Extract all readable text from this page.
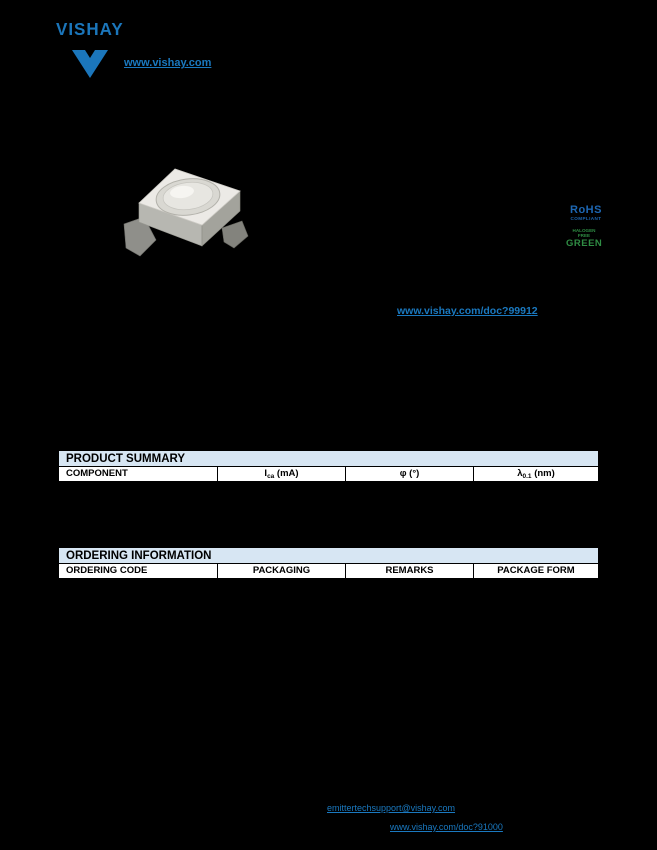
VISHAY
www.vishay.com
RoHS
COMPLIANT
HALOGEN FREE
GREEN
www.vishay.com/doc?99912
PRODUCT SUMMARY
COMPONENT	$I_{ca}$ (mA)	φ (°)	$\lambda_{0.1}$ (nm)
ORDERING INFORMATION
ORDERING CODE	PACKAGING	REMARKS	PACKAGE FORM
emittertechsupport@vishay.com
www.vishay.com/doc?91000
